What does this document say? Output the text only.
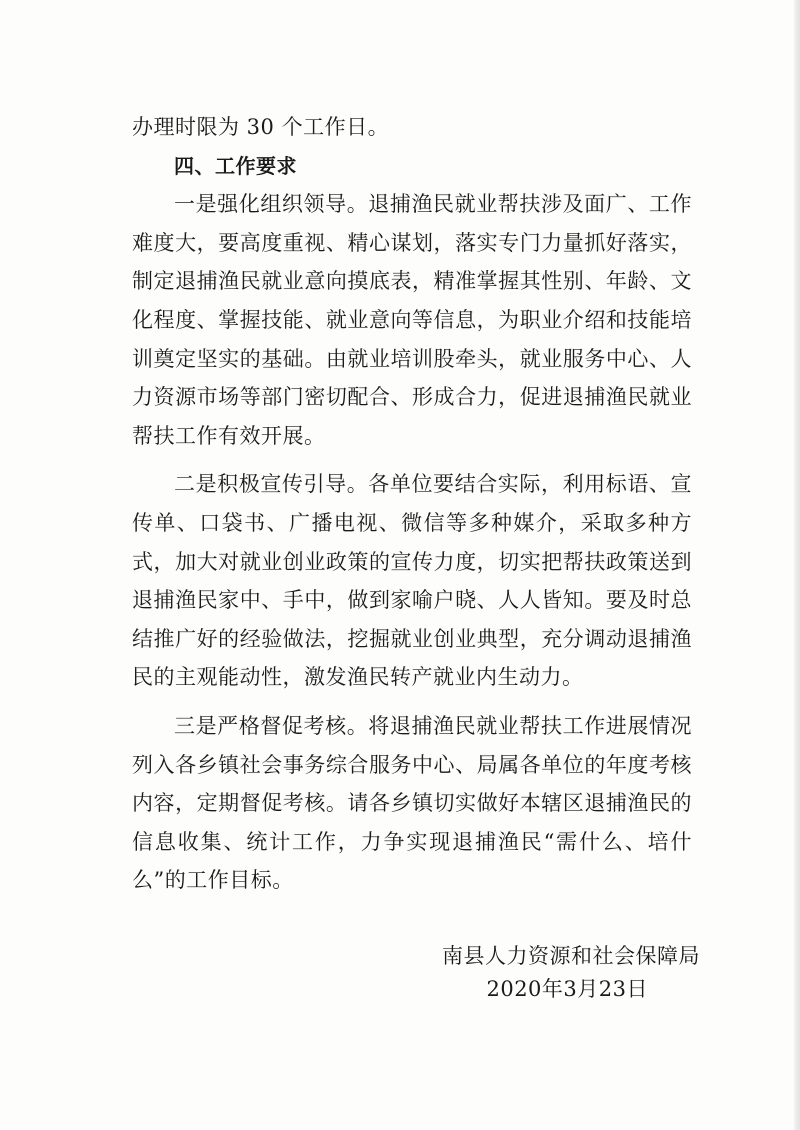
办理时限为 30 个工作日。

四、工作要求

一是强化组织领导。退捕渔民就业帮扶涉及面广、工作难度大，要高度重视、精心谋划，落实专门力量抓好落实，制定退捕渔民就业意向摸底表，精准掌握其性别、年龄、文化程度、掌握技能、就业意向等信息，为职业介绍和技能培训奠定坚实的基础。由就业培训股牵头，就业服务中心、人力资源市场等部门密切配合、形成合力，促进退捕渔民就业帮扶工作有效开展。

二是积极宣传引导。各单位要结合实际，利用标语、宣传单、口袋书、广播电视、微信等多种媒介，采取多种方式，加大对就业创业政策的宣传力度，切实把帮扶政策送到退捕渔民家中、手中，做到家喻户晓、人人皆知。要及时总结推广好的经验做法，挖掘就业创业典型，充分调动退捕渔民的主观能动性，激发渔民转产就业内生动力。

三是严格督促考核。将退捕渔民就业帮扶工作进展情况列入各乡镇社会事务综合服务中心、局属各单位的年度考核内容，定期督促考核。请各乡镇切实做好本辖区退捕渔民的信息收集、统计工作，力争实现退捕渔民“需什么、培什么”的工作目标。

南县人力资源和社会保障局
2020年3月23日
